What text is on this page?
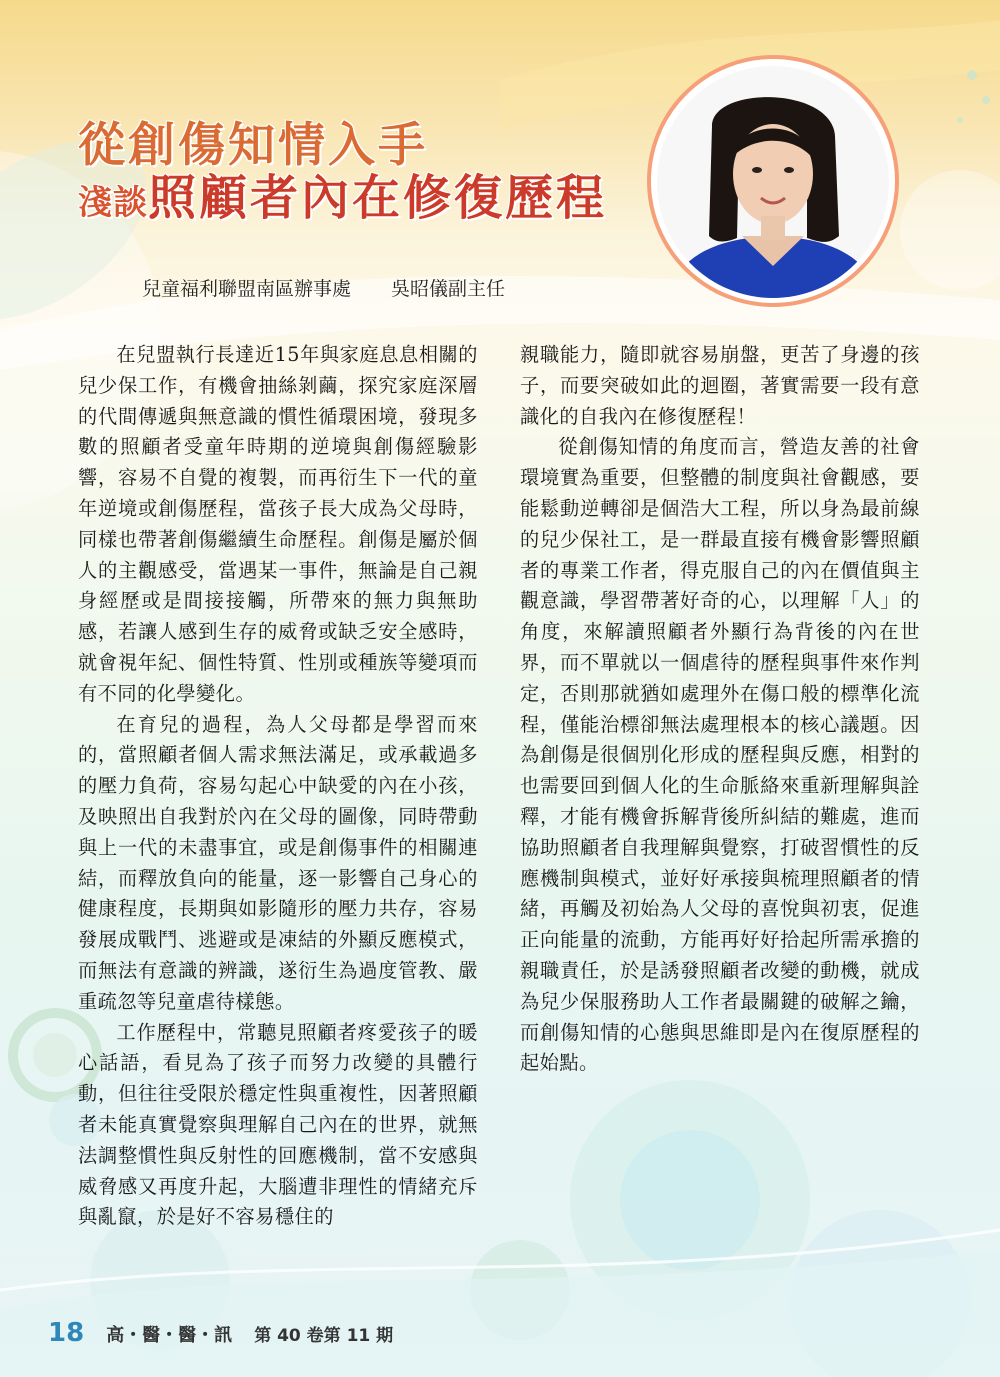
從創傷知情入手
淺談照顧者內在修復歷程

兒童福利聯盟南區辦事處 吳昭儀副主任

在兒盟執行長達近15年與家庭息息相關的兒少保工作，有機會抽絲剝繭，探究家庭深層的代間傳遞與無意識的慣性循環困境，發現多數的照顧者受童年時期的逆境與創傷經驗影響，容易不自覺的複製，而再衍生下一代的童年逆境或創傷歷程，當孩子長大成為父母時，同樣也帶著創傷繼續生命歷程。創傷是屬於個人的主觀感受，當遇某一事件，無論是自己親身經歷或是間接接觸，所帶來的無力與無助感，若讓人感到生存的威脅或缺乏安全感時，就會視年紀、個性特質、性別或種族等變項而有不同的化學變化。

在育兒的過程，為人父母都是學習而來的，當照顧者個人需求無法滿足，或承載過多的壓力負荷，容易勾起心中缺愛的內在小孩，及映照出自我對於內在父母的圖像，同時帶動與上一代的未盡事宜，或是創傷事件的相關連結，而釋放負向的能量，逐一影響自己身心的健康程度，長期與如影隨形的壓力共存，容易發展成戰鬥、逃避或是凍結的外顯反應模式，而無法有意識的辨識，遂衍生為過度管教、嚴重疏忽等兒童虐待樣態。

工作歷程中，常聽見照顧者疼愛孩子的暖心話語，看見為了孩子而努力改變的具體行動，但往往受限於穩定性與重複性，因著照顧者未能真實覺察與理解自己內在的世界，就無法調整慣性與反射性的回應機制，當不安感與威脅感又再度升起，大腦遭非理性的情緒充斥與亂竄，於是好不容易穩住的

親職能力，隨即就容易崩盤，更苦了身邊的孩子，而要突破如此的迴圈，著實需要一段有意識化的自我內在修復歷程！

從創傷知情的角度而言，營造友善的社會環境實為重要，但整體的制度與社會觀感，要能鬆動逆轉卻是個浩大工程，所以身為最前線的兒少保社工，是一群最直接有機會影響照顧者的專業工作者，得克服自己的內在價值與主觀意識，學習帶著好奇的心，以理解「人」的角度，來解讀照顧者外顯行為背後的內在世界，而不單就以一個虐待的歷程與事件來作判定，否則那就猶如處理外在傷口般的標準化流程，僅能治標卻無法處理根本的核心議題。因為創傷是很個別化形成的歷程與反應，相對的也需要回到個人化的生命脈絡來重新理解與詮釋，才能有機會拆解背後所糾結的難處，進而協助照顧者自我理解與覺察，打破習慣性的反應機制與模式，並好好承接與梳理照顧者的情緒，再觸及初始為人父母的喜悅與初衷，促進正向能量的流動，方能再好好拾起所需承擔的親職責任，於是誘發照顧者改變的動機，就成為兒少保服務助人工作者最關鍵的破解之鑰，而創傷知情的心態與思維即是內在復原歷程的起始點。

18 高・醫・醫・訊 第 40 卷第 11 期
